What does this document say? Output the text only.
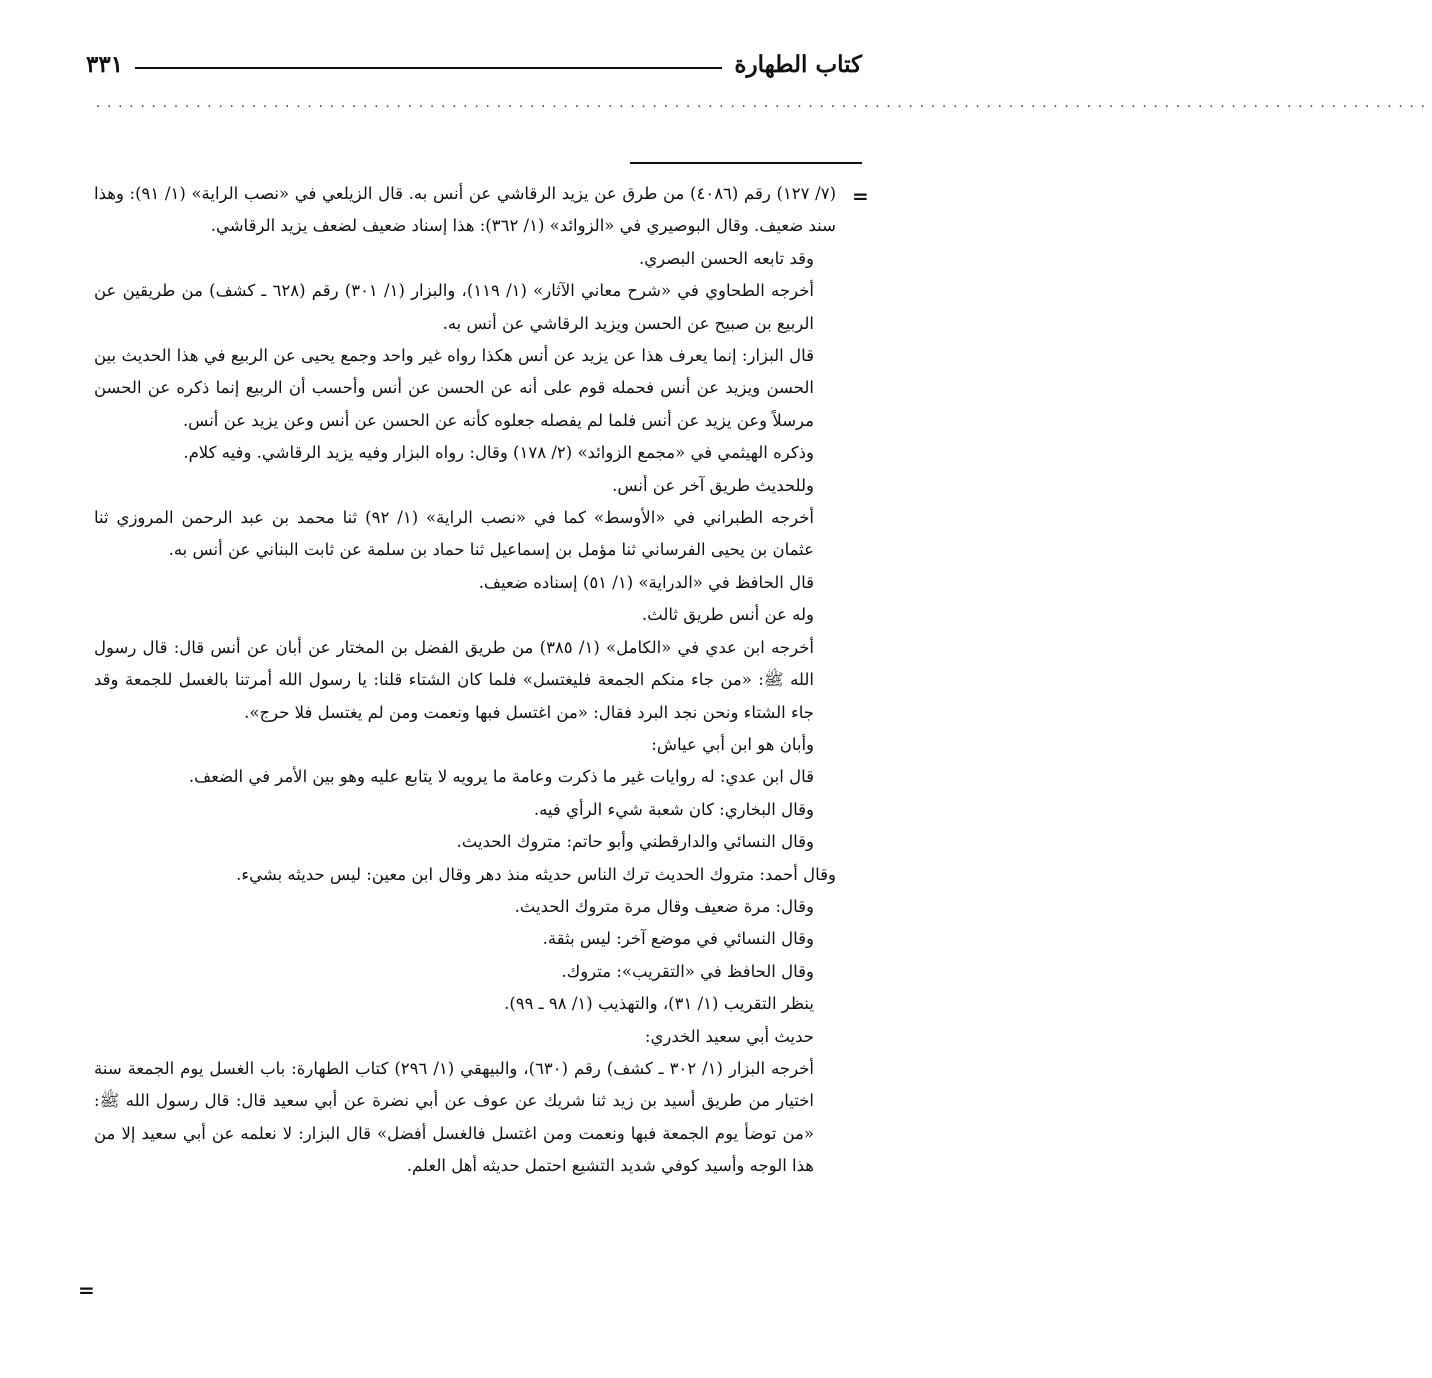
كتاب الطهارة
٣٣١
........................................................................................................................
=
=

(٧/ ١٢٧) رقم (٤٠٨٦) من طرق عن يزيد الرقاشي عن أنس به. قال الزيلعي في «نصب الراية» (١/ ٩١): وهذا سند ضعيف. وقال البوصيري في «الزوائد» (١/ ٣٦٢): هذا إسناد ضعيف لضعف يزيد الرقاشي.

وقد تابعه الحسن البصري.

أخرجه الطحاوي في «شرح معاني الآثار» (١/ ١١٩)، والبزار (١/ ٣٠١) رقم (٦٢٨ ـ كشف) من طريقين عن الربيع بن صبيح عن الحسن ويزيد الرقاشي عن أنس به.

قال البزار: إنما يعرف هذا عن يزيد عن أنس هكذا رواه غير واحد وجمع يحيى عن الربيع في هذا الحديث بين الحسن ويزيد عن أنس فحمله قوم على أنه عن الحسن عن أنس وأحسب أن الربيع إنما ذكره عن الحسن مرسلاً وعن يزيد عن أنس فلما لم يفصله جعلوه كأنه عن الحسن عن أنس وعن يزيد عن أنس.

وذكره الهيثمي في «مجمع الزوائد» (٢/ ١٧٨) وقال: رواه البزار وفيه يزيد الرقاشي. وفيه كلام.

وللحديث طريق آخر عن أنس.

أخرجه الطبراني في «الأوسط» كما في «نصب الراية» (١/ ٩٢) ثنا محمد بن عبد الرحمن المروزي ثنا عثمان بن يحيى الفرساني ثنا مؤمل بن إسماعيل ثنا حماد بن سلمة عن ثابت البناني عن أنس به.

قال الحافظ في «الدراية» (١/ ٥١) إسناده ضعيف.

وله عن أنس طريق ثالث.

أخرجه ابن عدي في «الكامل» (١/ ٣٨٥) من طريق الفضل بن المختار عن أبان عن أنس قال: قال رسول الله ﷺ: «من جاء منكم الجمعة فليغتسل» فلما كان الشتاء قلنا: يا رسول الله أمرتنا بالغسل للجمعة وقد جاء الشتاء ونحن نجد البرد فقال: «من اغتسل فبها ونعمت ومن لم يغتسل فلا حرج».

وأبان هو ابن أبي عياش:

قال ابن عدي: له روايات غير ما ذكرت وعامة ما يرويه لا يتابع عليه وهو بين الأمر في الضعف.

وقال البخاري: كان شعبة شيء الرأي فيه.

وقال النسائي والدارقطني وأبو حاتم: متروك الحديث.

وقال أحمد: متروك الحديث ترك الناس حديثه منذ دهر وقال ابن معين: ليس حديثه بشيء.

وقال: مرة ضعيف وقال مرة متروك الحديث.

وقال النسائي في موضع آخر: ليس بثقة.

وقال الحافظ في «التقريب»: متروك.

ينظر التقريب (١/ ٣١)، والتهذيب (١/ ٩٨ ـ ٩٩).

حديث أبي سعيد الخدري:

أخرجه البزار (١/ ٣٠٢ ـ كشف) رقم (٦٣٠)، والبيهقي (١/ ٢٩٦) كتاب الطهارة: باب الغسل يوم الجمعة سنة اختيار من طريق أسيد بن زيد ثنا شريك عن عوف عن أبي نضرة عن أبي سعيد قال: قال رسول الله ﷺ: «من توضأ يوم الجمعة فبها ونعمت ومن اغتسل فالغسل أفضل» قال البزار: لا نعلمه عن أبي سعيد إلا من هذا الوجه وأسيد كوفي شديد التشيع احتمل حديثه أهل العلم.
